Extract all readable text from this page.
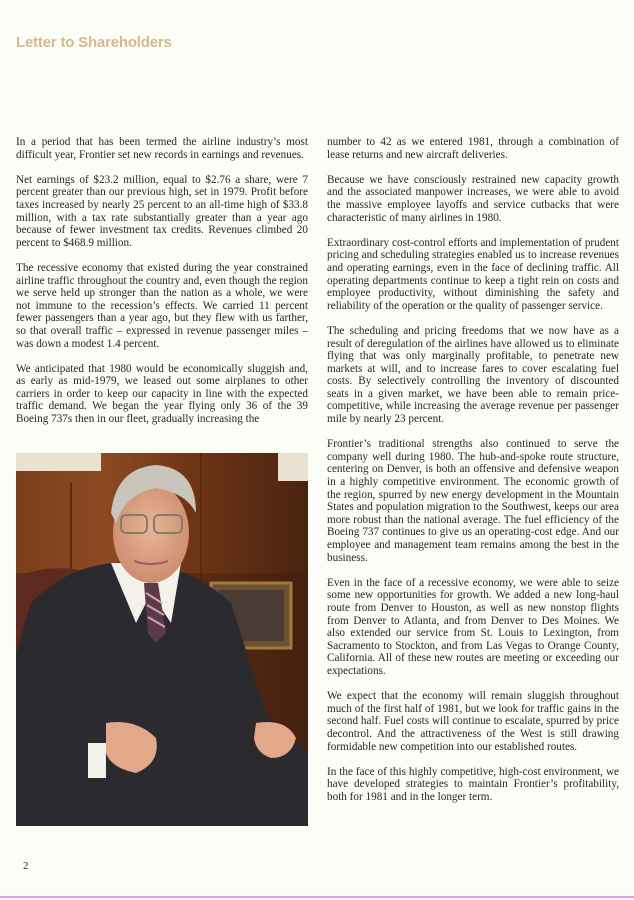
Letter to Shareholders

In a period that has been termed the airline industry’s most difficult year, Frontier set new records in earnings and revenues.

Net earnings of $23.2 million, equal to $2.76 a share, were 7 percent greater than our previous high, set in 1979. Profit before taxes increased by nearly 25 percent to an all-time high of $33.8 million, with a tax rate substantially greater than a year ago because of fewer investment tax credits. Revenues climbed 20 percent to $468.9 million.

The recessive economy that existed during the year constrained airline traffic throughout the country and, even though the region we serve held up stronger than the nation as a whole, we were not immune to the recession’s effects. We carried 11 percent fewer passengers than a year ago, but they flew with us farther, so that overall traffic – expressed in revenue passenger miles – was down a modest 1.4 percent.

We anticipated that 1980 would be economically sluggish and, as early as mid-1979, we leased out some airplanes to other carriers in order to keep our capacity in line with the expected traffic demand. We began the year flying only 36 of the 39 Boeing 737s then in our fleet, gradually increasing the

number to 42 as we entered 1981, through a combination of lease returns and new aircraft deliveries.

Because we have consciously restrained new capacity growth and the associated manpower increases, we were able to avoid the massive employee layoffs and service cutbacks that were characteristic of many airlines in 1980.

Extraordinary cost-control efforts and implementation of prudent pricing and scheduling strategies enabled us to increase revenues and operating earnings, even in the face of declining traffic. All operating departments continue to keep a tight rein on costs and employee productivity, without diminishing the safety and reliability of the operation or the quality of passenger service.

The scheduling and pricing freedoms that we now have as a result of deregulation of the airlines have allowed us to eliminate flying that was only marginally profitable, to penetrate new markets at will, and to increase fares to cover escalating fuel costs. By selectively controlling the inventory of discounted seats in a given market, we have been able to remain price-competitive, while increasing the average revenue per passenger mile by nearly 23 percent.

Frontier’s traditional strengths also continued to serve the company well during 1980. The hub-and-spoke route structure, centering on Denver, is both an offensive and defensive weapon in a highly competitive environment. The economic growth of the region, spurred by new energy development in the Mountain States and population migration to the Southwest, keeps our area more robust than the national average. The fuel efficiency of the Boeing 737 continues to give us an operating-cost edge. And our employee and management team remains among the best in the business.

Even in the face of a recessive economy, we were able to seize some new opportunities for growth. We added a new long-haul route from Denver to Houston, as well as new nonstop flights from Denver to Atlanta, and from Denver to Des Moines. We also extended our service from St. Louis to Lexington, from Sacramento to Stockton, and from Las Vegas to Orange County, California. All of these new routes are meeting or exceeding our expectations.

We expect that the economy will remain sluggish throughout much of the first half of 1981, but we look for traffic gains in the second half. Fuel costs will continue to escalate, spurred by price decontrol. And the attractiveness of the West is still drawing formidable new competition into our established routes.

In the face of this highly competitive, high-cost environment, we have developed strategies to maintain Frontier’s profitability, both for 1981 and in the longer term.

2
